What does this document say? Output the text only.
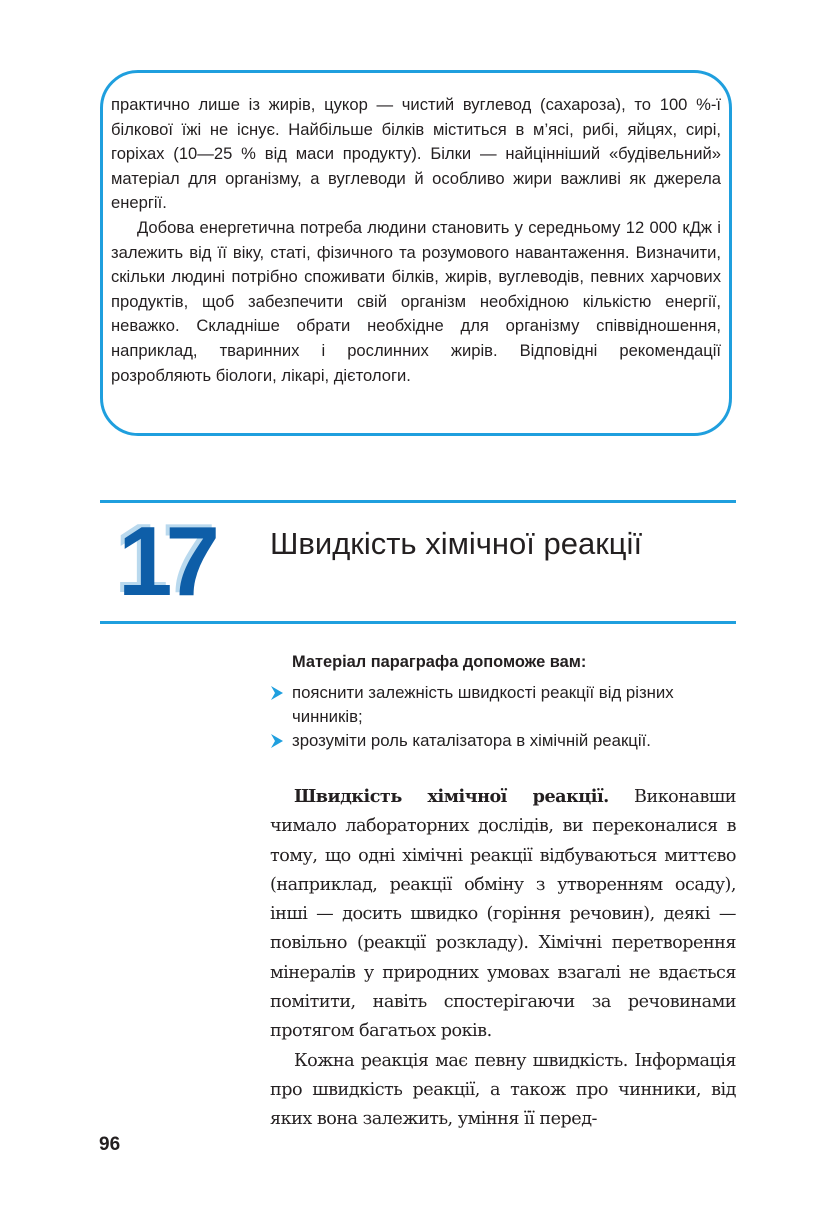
практично лише із жирів, цукор — чистий вуглевод (сахароза), то 100 %-ї білкової їжі не існує. Найбільше білків міститься в м’ясі, рибі, яйцях, сирі, горіхах (10—25 % від маси продукту). Білки — найцінніший «будівельний» матеріал для організму, а вуглеводи й особливо жири важливі як джерела енергії.

Добова енергетична потреба людини становить у середньому 12 000 кДж і залежить від її віку, статі, фізичного та розумового навантаження. Визначити, скільки людині потрібно споживати білків, жирів, вуглеводів, певних харчових продуктів, щоб забезпечити свій організм необхідною кількістю енергії, неважко. Складніше обрати необхідне для організму співвідношення, наприклад, тваринних і рослинних жирів. Відповідні рекомендації розробляють біологи, лікарі, дієтологи.

17 Швидкість хімічної реакції

Матеріал параграфа допоможе вам:

пояснити залежність швидкості реакції від різних чинників;
зрозуміти роль каталізатора в хімічній реакції.

Швидкість хімічної реакції. Виконавши чимало лабораторних дослідів, ви переконалися в тому, що одні хімічні реакції відбуваються миттєво (наприклад, реакції обміну з утворенням осаду), інші — досить швидко (горіння речовин), деякі — повільно (реакції розкладу). Хімічні перетворення мінералів у природних умовах взагалі не вдається помітити, навіть спостерігаючи за речовинами протягом багатьох років.

Кожна реакція має певну швидкість. Інформація про швидкість реакції, а також про чинники, від яких вона залежить, уміння її перед-

96
